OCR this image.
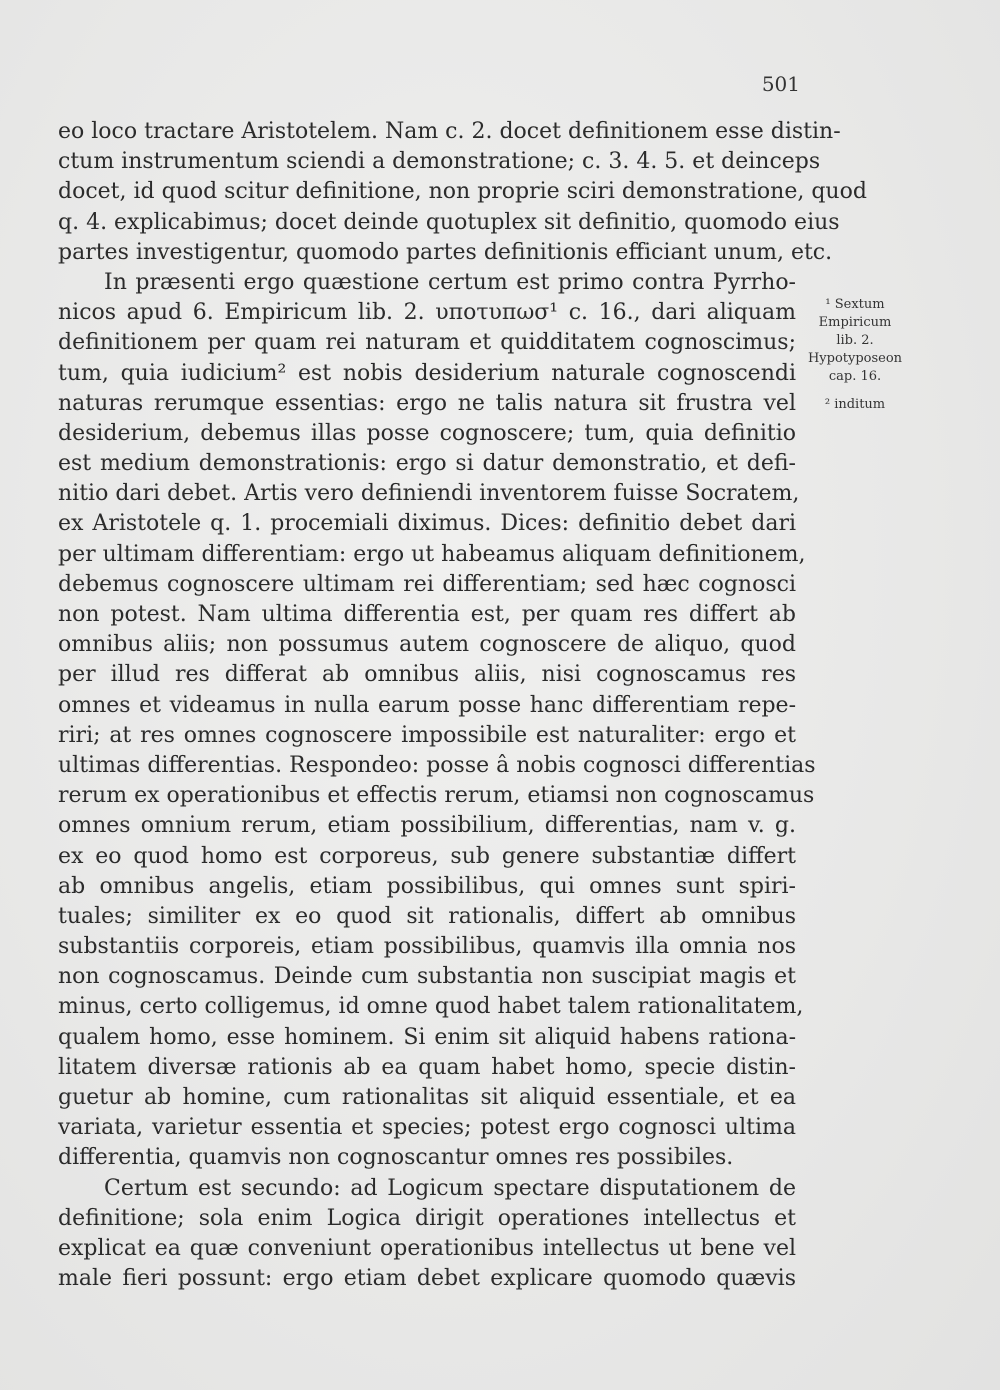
501
eo loco tractare Aristotelem. Nam c. 2. docet definitionem esse distin-
ctum instrumentum sciendi a demonstratione; c. 3. 4. 5. et deinceps
docet, id quod scitur definitione, non proprie sciri demonstratione, quod
q. 4. explicabimus; docet deinde quotuplex sit definitio, quomodo eius
partes investigentur, quomodo partes definitionis efficiant unum, etc.
In præsenti ergo quæstione certum est primo contra Pyrrho-
nicos apud 6. Empiricum lib. 2. υποτυπωσ¹ c. 16., dari aliquam
definitionem per quam rei naturam et quidditatem cognoscimus;
tum, quia iudicium² est nobis desiderium naturale cognoscendi
naturas rerumque essentias: ergo ne talis natura sit frustra vel
desiderium, debemus illas posse cognoscere; tum, quia definitio
est medium demonstrationis: ergo si datur demonstratio, et defi-
nitio dari debet. Artis vero definiendi inventorem fuisse Socratem,
ex Aristotele q. 1. procemiali diximus. Dices: definitio debet dari
per ultimam differentiam: ergo ut habeamus aliquam definitionem,
debemus cognoscere ultimam rei differentiam; sed hæc cognosci
non potest. Nam ultima differentia est, per quam res differt ab
omnibus aliis; non possumus autem cognoscere de aliquo, quod
per illud res differat ab omnibus aliis, nisi cognoscamus res
omnes et videamus in nulla earum posse hanc differentiam repe-
riri; at res omnes cognoscere impossibile est naturaliter: ergo et
ultimas differentias. Respondeo: posse â nobis cognosci differentias
rerum ex operationibus et effectis rerum, etiamsi non cognoscamus
omnes omnium rerum, etiam possibilium, differentias, nam v. g.
ex eo quod homo est corporeus, sub genere substantiæ differt
ab omnibus angelis, etiam possibilibus, qui omnes sunt spiri-
tuales; similiter ex eo quod sit rationalis, differt ab omnibus
substantiis corporeis, etiam possibilibus, quamvis illa omnia nos
non cognoscamus. Deinde cum substantia non suscipiat magis et
minus, certo colligemus, id omne quod habet talem rationalitatem,
qualem homo, esse hominem. Si enim sit aliquid habens rationa-
litatem diversæ rationis ab ea quam habet homo, specie distin-
guetur ab homine, cum rationalitas sit aliquid essentiale, et ea
variata, varietur essentia et species; potest ergo cognosci ultima
differentia, quamvis non cognoscantur omnes res possibiles.
Certum est secundo: ad Logicum spectare disputationem de
definitione; sola enim Logica dirigit operationes intellectus et
explicat ea quæ conveniunt operationibus intellectus ut bene vel
male fieri possunt: ergo etiam debet explicare quomodo quævis
¹ Sextum
Empiricum
lib. 2.
Hypotyposeon
cap. 16.
² inditum
